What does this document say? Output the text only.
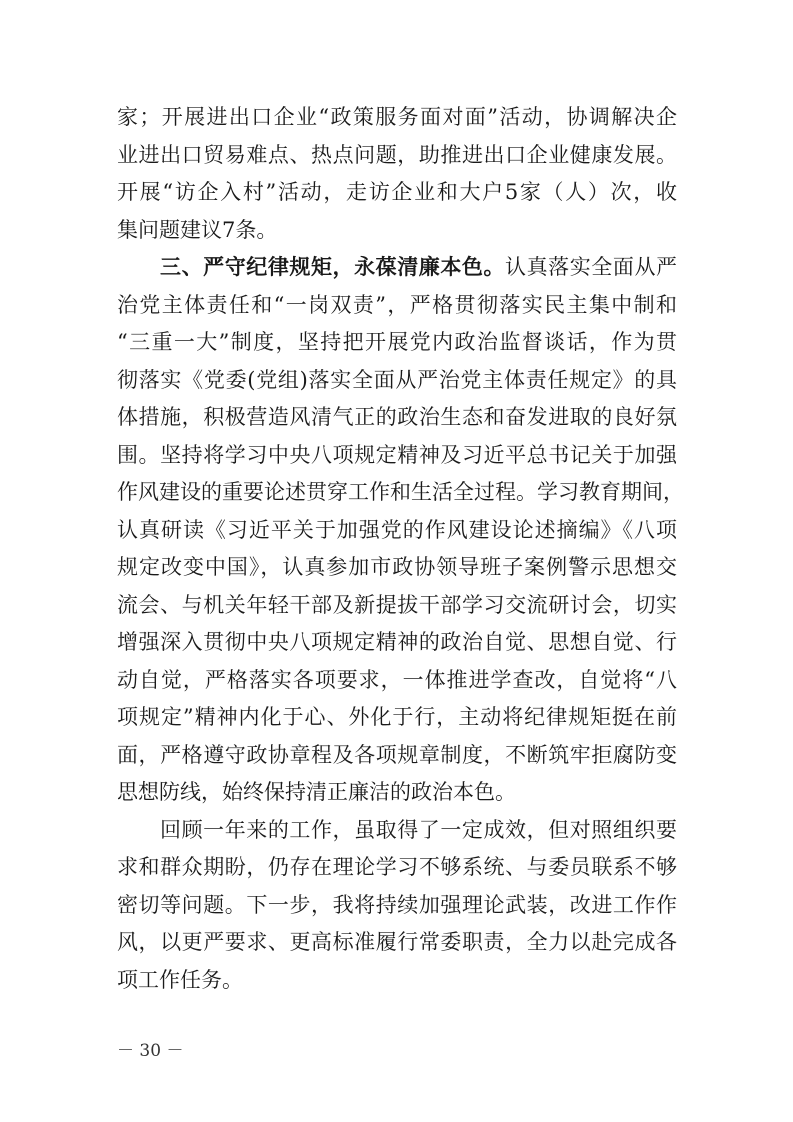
家；开展进出口企业“政策服务面对面”活动，协调解决企
业进出口贸易难点、热点问题，助推进出口企业健康发展。
开展“访企入村”活动，走访企业和大户5家（人）次，收
集问题建议7条。
三、严守纪律规矩，永葆清廉本色。认真落实全面从严
治党主体责任和“一岗双责”，严格贯彻落实民主集中制和
“三重一大”制度，坚持把开展党内政治监督谈话，作为贯
彻落实《党委(党组)落实全面从严治党主体责任规定》的具
体措施，积极营造风清气正的政治生态和奋发进取的良好氛
围。坚持将学习中央八项规定精神及习近平总书记关于加强
作风建设的重要论述贯穿工作和生活全过程。学习教育期间，
认真研读《习近平关于加强党的作风建设论述摘编》《八项
规定改变中国》，认真参加市政协领导班子案例警示思想交
流会、与机关年轻干部及新提拔干部学习交流研讨会，切实
增强深入贯彻中央八项规定精神的政治自觉、思想自觉、行
动自觉，严格落实各项要求，一体推进学查改，自觉将“八
项规定”精神内化于心、外化于行，主动将纪律规矩挺在前
面，严格遵守政协章程及各项规章制度，不断筑牢拒腐防变
思想防线，始终保持清正廉洁的政治本色。
回顾一年来的工作，虽取得了一定成效，但对照组织要
求和群众期盼，仍存在理论学习不够系统、与委员联系不够
密切等问题。下一步，我将持续加强理论武装，改进工作作
－ 30 －
风，以更严要求、更高标准履行常委职责，全力以赴完成各
项工作任务。
